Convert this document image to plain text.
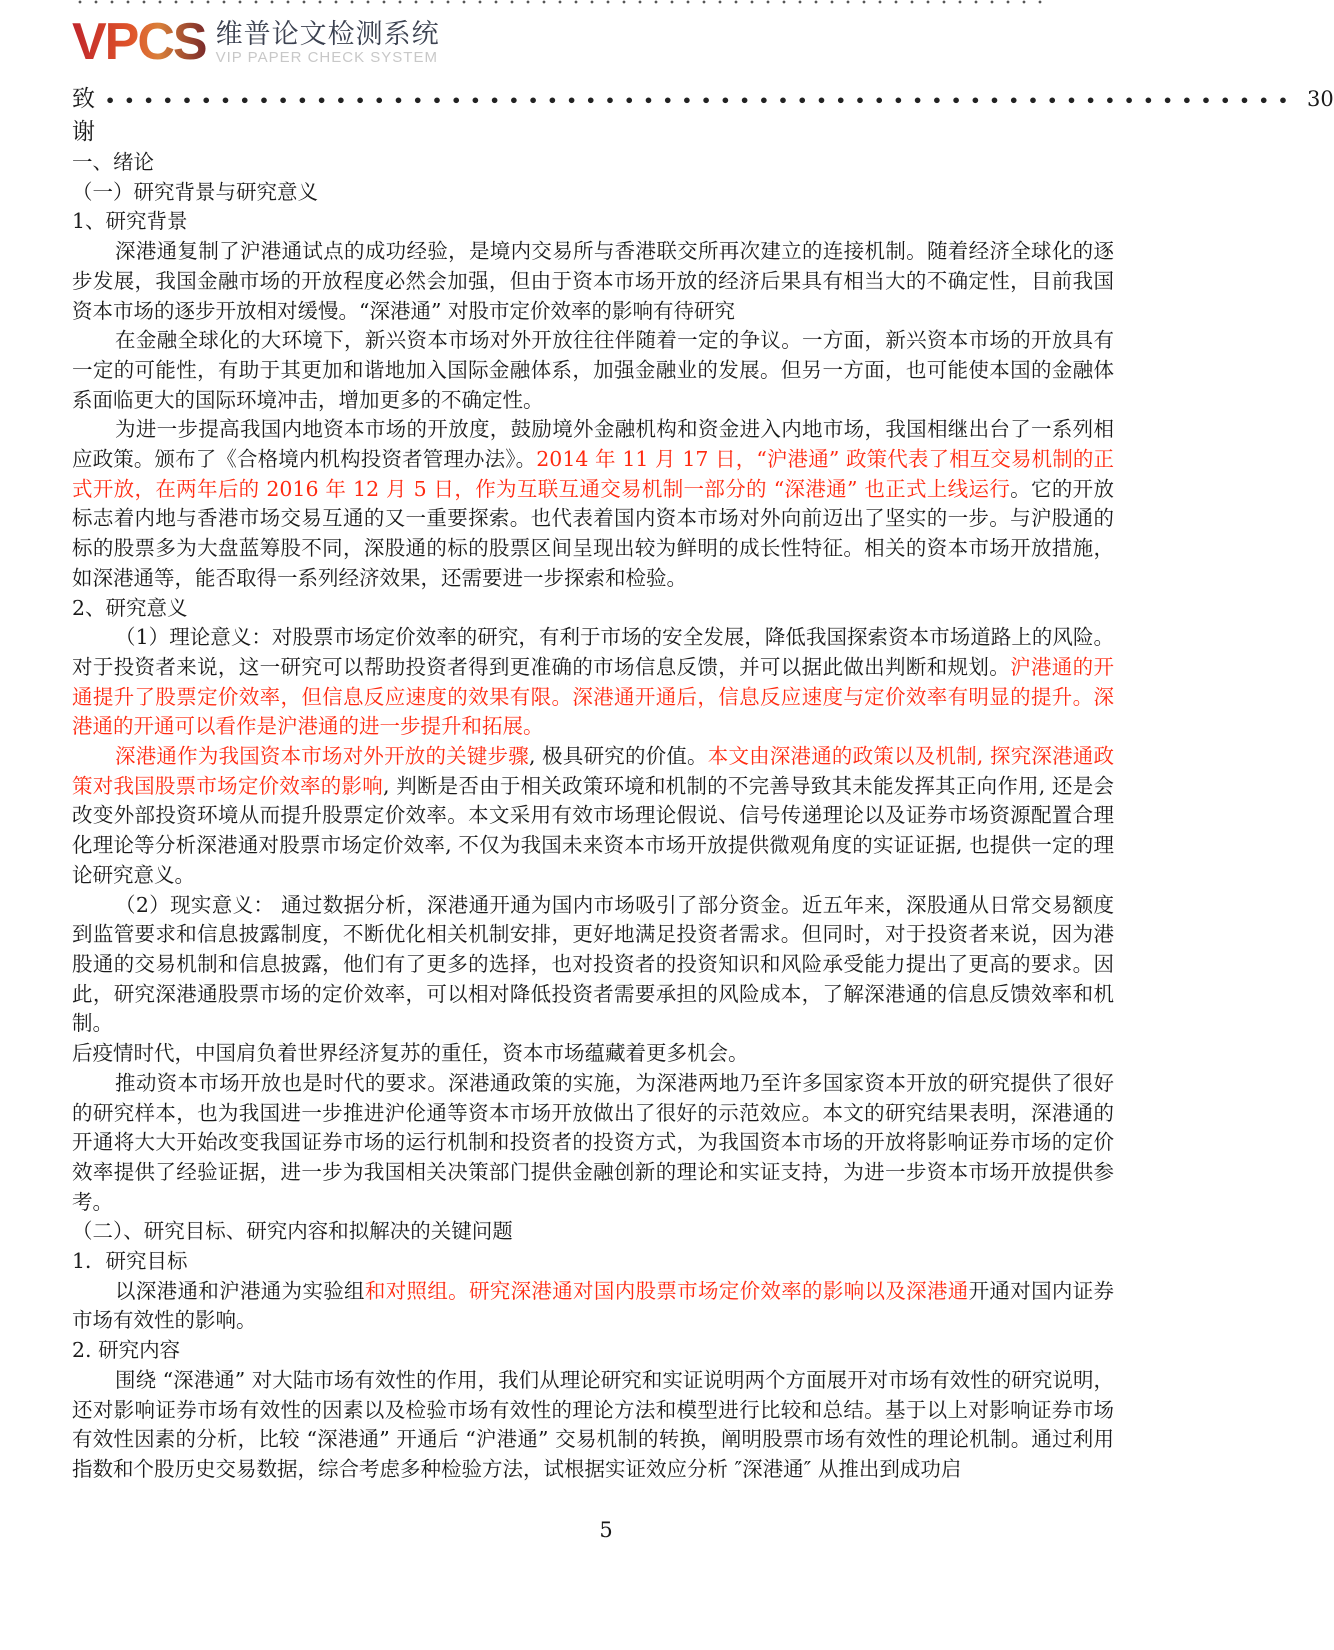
VPCS 维普论文检测系统
VIP PAPER CHECK SYSTEM
致谢
•••••••••••••••••••••••••••••••••••••••••••••••••••••••••••••• 30

一、绪论

（一）研究背景与研究意义

1、研究背景

深港通复制了沪港通试点的成功经验，是境内交易所与香港联交所再次建立的连接机制。随着经济全球化的逐步发展，我国金融市场的开放程度必然会加强，但由于资本市场开放的经济后果具有相当大的不确定性，目前我国资本市场的逐步开放相对缓慢。“深港通” 对股市定价效率的影响有待研究

在金融全球化的大环境下，新兴资本市场对外开放往往伴随着一定的争议。一方面，新兴资本市场的开放具有一定的可能性，有助于其更加和谐地加入国际金融体系，加强金融业的发展。但另一方面，也可能使本国的金融体系面临更大的国际环境冲击，增加更多的不确定性。

为进一步提高我国内地资本市场的开放度，鼓励境外金融机构和资金进入内地市场，我国相继出台了一系列相应政策。颁布了《合格境内机构投资者管理办法》。2014 年 11 月 17 日，“沪港通” 政策代表了相互交易机制的正式开放，在两年后的 2016 年 12 月 5 日，作为互联互通交易机制一部分的 “深港通” 也正式上线运行。它的开放标志着内地与香港市场交易互通的又一重要探索。也代表着国内资本市场对外向前迈出了坚实的一步。与沪股通的标的股票多为大盘蓝筹股不同，深股通的标的股票区间呈现出较为鲜明的成长性特征。相关的资本市场开放措施，如深港通等，能否取得一系列经济效果，还需要进一步探索和检验。

2、研究意义

（1）理论意义：对股票市场定价效率的研究，有利于市场的安全发展，降低我国探索资本市场道路上的风险。对于投资者来说，这一研究可以帮助投资者得到更准确的市场信息反馈，并可以据此做出判断和规划。沪港通的开通提升了股票定价效率，但信息反应速度的效果有限。深港通开通后，信息反应速度与定价效率有明显的提升。深港通的开通可以看作是沪港通的进一步提升和拓展。

深港通作为我国资本市场对外开放的关键步骤, 极具研究的价值。本文由深港通的政策以及机制, 探究深港通政策对我国股票市场定价效率的影响, 判断是否由于相关政策环境和机制的不完善导致其未能发挥其正向作用, 还是会改变外部投资环境从而提升股票定价效率。本文采用有效市场理论假说、信号传递理论以及证券市场资源配置合理化理论等分析深港通对股票市场定价效率, 不仅为我国未来资本市场开放提供微观角度的实证证据, 也提供一定的理论研究意义。

（2）现实意义： 通过数据分析，深港通开通为国内市场吸引了部分资金。近五年来，深股通从日常交易额度到监管要求和信息披露制度，不断优化相关机制安排，更好地满足投资者需求。但同时，对于投资者来说，因为港股通的交易机制和信息披露，他们有了更多的选择，也对投资者的投资知识和风险承受能力提出了更高的要求。因此，研究深港通股票市场的定价效率，可以相对降低投资者需要承担的风险成本，了解深港通的信息反馈效率和机制。

后疫情时代，中国肩负着世界经济复苏的重任，资本市场蕴藏着更多机会。

推动资本市场开放也是时代的要求。深港通政策的实施，为深港两地乃至许多国家资本开放的研究提供了很好的研究样本，也为我国进一步推进沪伦通等资本市场开放做出了很好的示范效应。本文的研究结果表明，深港通的开通将大大开始改变我国证券市场的运行机制和投资者的投资方式，为我国资本市场的开放将影响证券市场的定价效率提供了经验证据，进一步为我国相关决策部门提供金融创新的理论和实证支持，为进一步资本市场开放提供参考。

（二）、研究目标、研究内容和拟解决的关键问题

1．研究目标

以深港通和沪港通为实验组和对照组。研究深港通对国内股票市场定价效率的影响以及深港通开通对国内证券市场有效性的影响。

2. 研究内容

围绕 “深港通” 对大陆市场有效性的作用，我们从理论研究和实证说明两个方面展开对市场有效性的研究说明，还对影响证券市场有效性的因素以及检验市场有效性的理论方法和模型进行比较和总结。基于以上对影响证券市场有效性因素的分析，比较 “深港通” 开通后 “沪港通” 交易机制的转换，阐明股票市场有效性的理论机制。通过利用指数和个股历史交易数据，综合考虑多种检验方法，试根据实证效应分析 ″深港通″ 从推出到成功启

5
